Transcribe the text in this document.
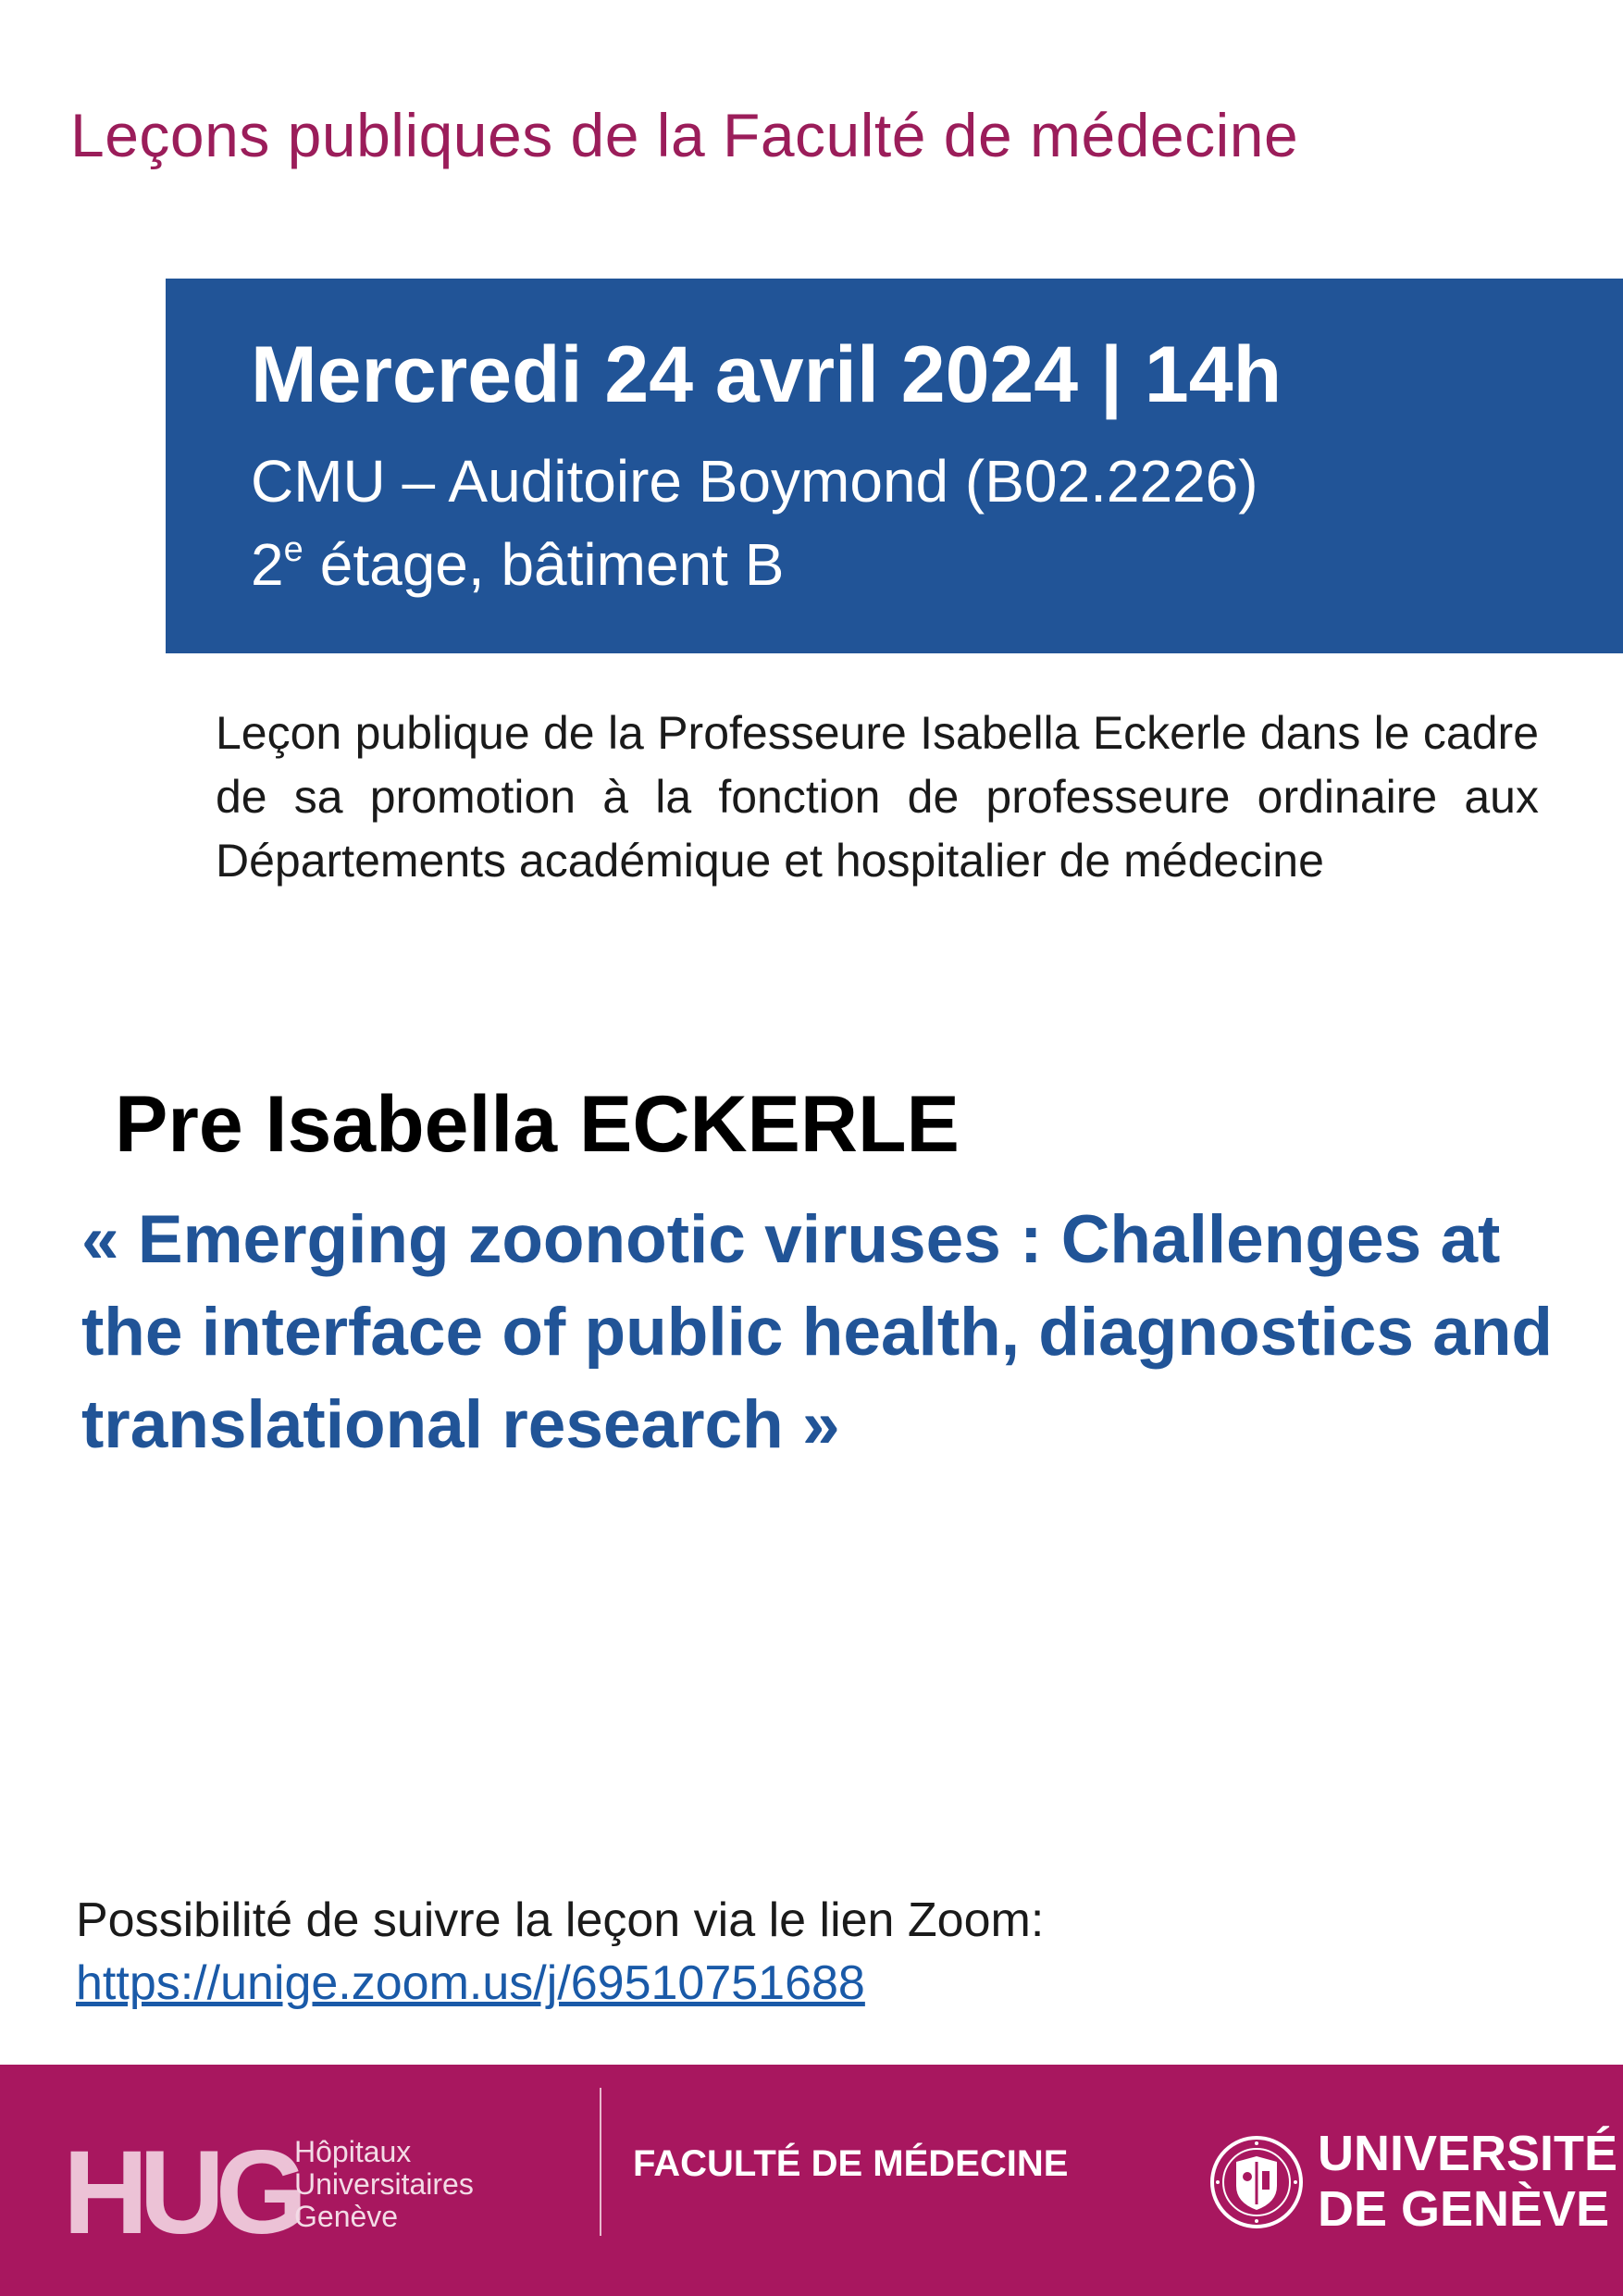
Leçons publiques de la Faculté de médecine
Mercredi 24 avril 2024 | 14h
CMU – Auditoire Boymond (B02.2226)
2e étage, bâtiment B
Leçon publique de la Professeure Isabella Eckerle dans le cadre de sa promotion à la fonction de professeure ordinaire aux Départements académique et hospitalier de médecine
Pre Isabella ECKERLE
« Emerging zoonotic viruses : Challenges at the interface of public health, diagnostics and translational research »
Possibilité de suivre la leçon via le lien Zoom:
https://unige.zoom.us/j/69510751688
HUG
Hôpitaux
Universitaires
Genève
FACULTÉ DE MÉDECINE	UNIVERSITÉ
DE GENÈVE
